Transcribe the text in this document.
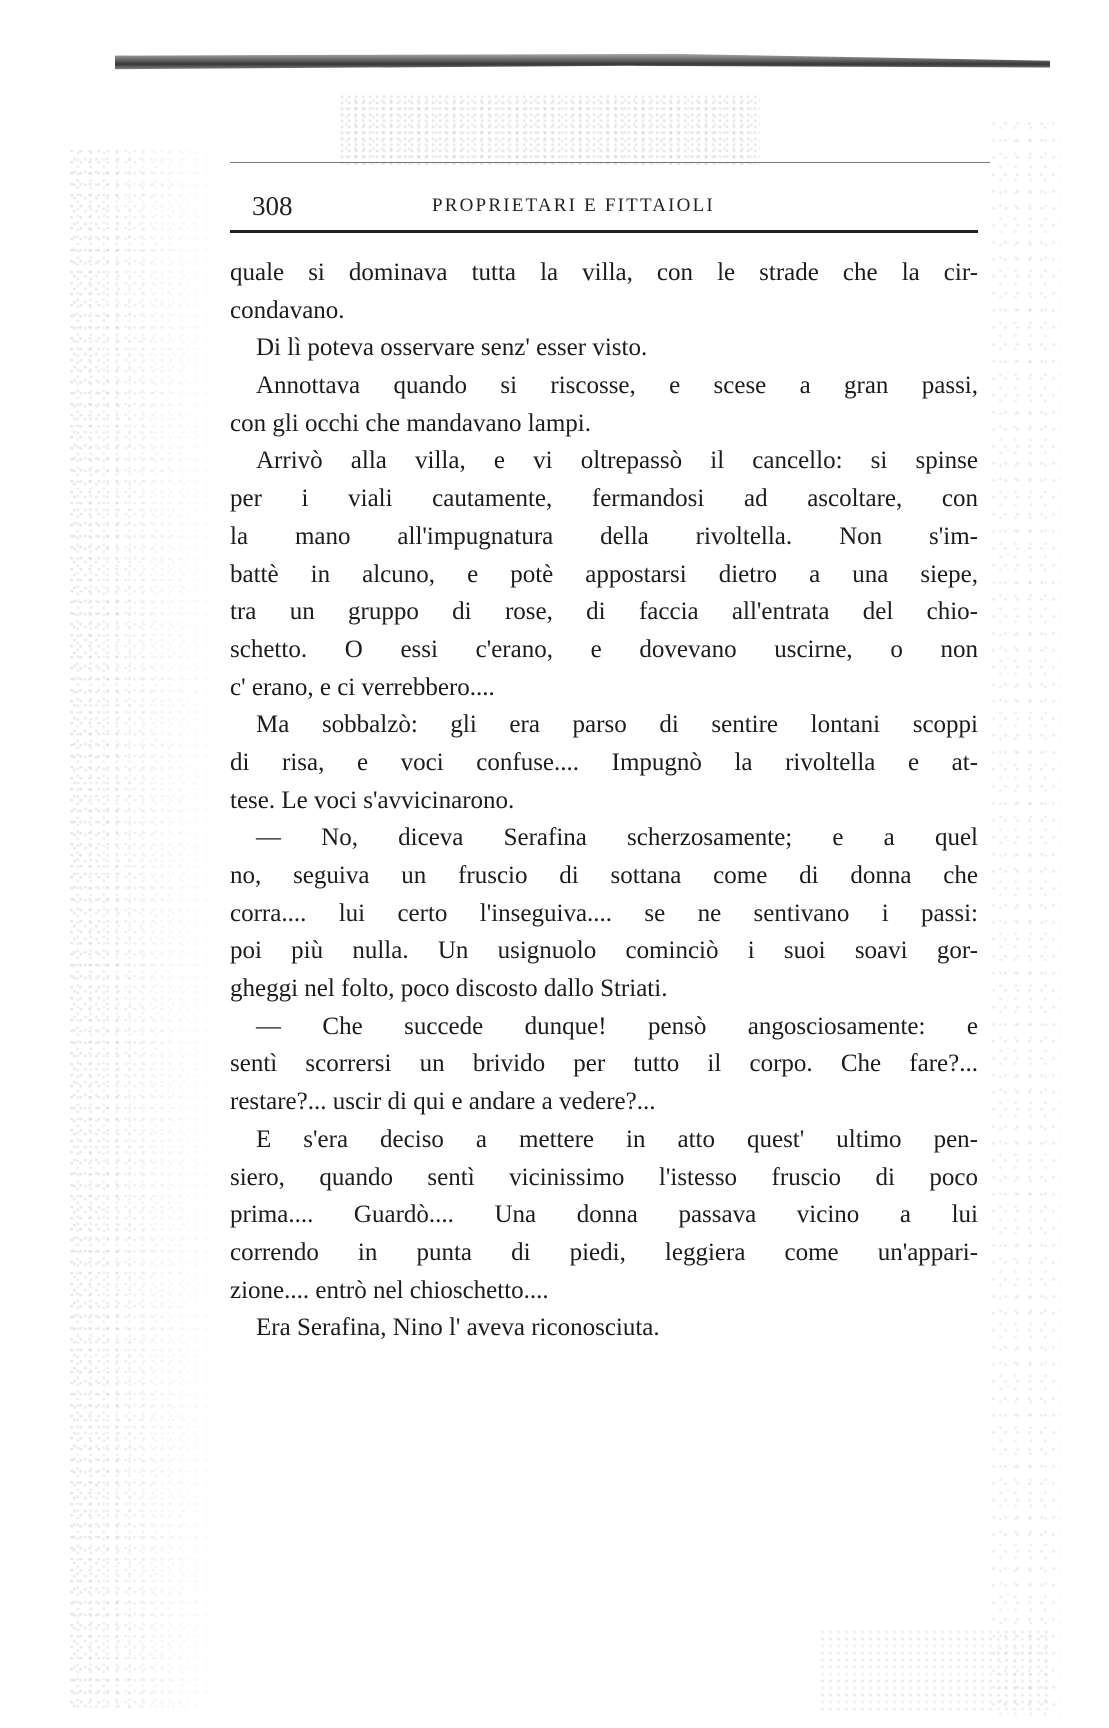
308	PROPRIETARI E FITTAIOLI
quale si dominava tutta la villa, con le strade che la cir-
condavano.
Di lì poteva osservare senz' esser visto.
Annottava quando si riscosse, e scese a gran passi,
con gli occhi che mandavano lampi.
Arrivò alla villa, e vi oltrepassò il cancello: si spinse
per i viali cautamente, fermandosi ad ascoltare, con
la mano all'impugnatura della rivoltella. Non s'im-
battè in alcuno, e potè appostarsi dietro a una siepe,
tra un gruppo di rose, di faccia all'entrata del chio-
schetto. O essi c'erano, e dovevano uscirne, o non
c' erano, e ci verrebbero....
Ma sobbalzò: gli era parso di sentire lontani scoppi
di risa, e voci confuse.... Impugnò la rivoltella e at-
tese. Le voci s'avvicinarono.
— No, diceva Serafina scherzosamente; e a quel
no, seguiva un fruscio di sottana come di donna che
corra.... lui certo l'inseguiva.... se ne sentivano i passi:
poi più nulla. Un usignuolo cominciò i suoi soavi gor-
gheggi nel folto, poco discosto dallo Striati.
— Che succede dunque! pensò angosciosamente: e
sentì scorrersi un brivido per tutto il corpo. Che fare?...
restare?... uscir di qui e andare a vedere?...
E s'era deciso a mettere in atto quest' ultimo pen-
siero, quando sentì vicinissimo l'istesso fruscio di poco
prima.... Guardò.... Una donna passava vicino a lui
correndo in punta di piedi, leggiera come un'appari-
zione.... entrò nel chioschetto....
Era Serafina, Nino l' aveva riconosciuta.
